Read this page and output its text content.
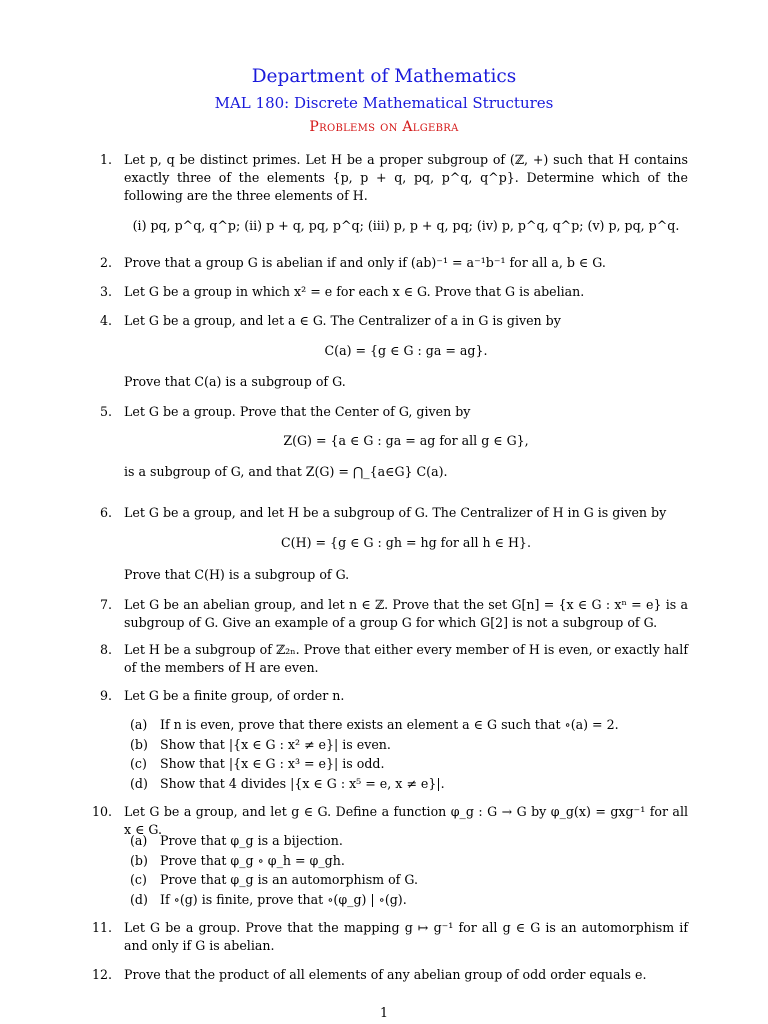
Department of Mathematics
MAL 180: Discrete Mathematical Structures
Problems on Algebra
1. Let p, q be distinct primes. Let H be a proper subgroup of (ℤ, +) such that H contains exactly three of the elements {p, p + q, pq, p^q, q^p}. Determine which of the following are the three elements of H.
(i) pq, p^q, q^p; (ii) p + q, pq, p^q; (iii) p, p + q, pq; (iv) p, p^q, q^p; (v) p, pq, p^q.
2. Prove that a group G is abelian if and only if (ab)⁻¹ = a⁻¹b⁻¹ for all a, b ∈ G.
3. Let G be a group in which x² = e for each x ∈ G. Prove that G is abelian.
4. Let G be a group, and let a ∈ G. The Centralizer of a in G is given by
C(a) = {g ∈ G : ga = ag}.
Prove that C(a) is a subgroup of G.
5. Let G be a group. Prove that the Center of G, given by
Z(G) = {a ∈ G : ga = ag for all g ∈ G},
is a subgroup of G, and that Z(G) = ⋂_{a∈G} C(a).
6. Let G be a group, and let H be a subgroup of G. The Centralizer of H in G is given by
C(H) = {g ∈ G : gh = hg for all h ∈ H}.
Prove that C(H) is a subgroup of G.
7. Let G be an abelian group, and let n ∈ ℤ. Prove that the set G[n] = {x ∈ G : xⁿ = e} is a subgroup of G. Give an example of a group G for which G[2] is not a subgroup of G.
8. Let H be a subgroup of ℤ₂ₙ. Prove that either every member of H is even, or exactly half of the members of H are even.
9. Let G be a finite group, of order n.
(a) If n is even, prove that there exists an element a ∈ G such that ∘(a) = 2.
(b) Show that |{x ∈ G : x² ≠ e}| is even.
(c) Show that |{x ∈ G : x³ = e}| is odd.
(d) Show that 4 divides |{x ∈ G : x⁵ = e, x ≠ e}|.
10. Let G be a group, and let g ∈ G. Define a function φ_g : G → G by φ_g(x) = gxg⁻¹ for all x ∈ G.
(a) Prove that φ_g is a bijection.
(b) Prove that φ_g ∘ φ_h = φ_gh.
(c) Prove that φ_g is an automorphism of G.
(d) If ∘(g) is finite, prove that ∘(φ_g) | ∘(g).
11. Let G be a group. Prove that the mapping g ↦ g⁻¹ for all g ∈ G is an automorphism if and only if G is abelian.
12. Prove that the product of all elements of any abelian group of odd order equals e.
1
